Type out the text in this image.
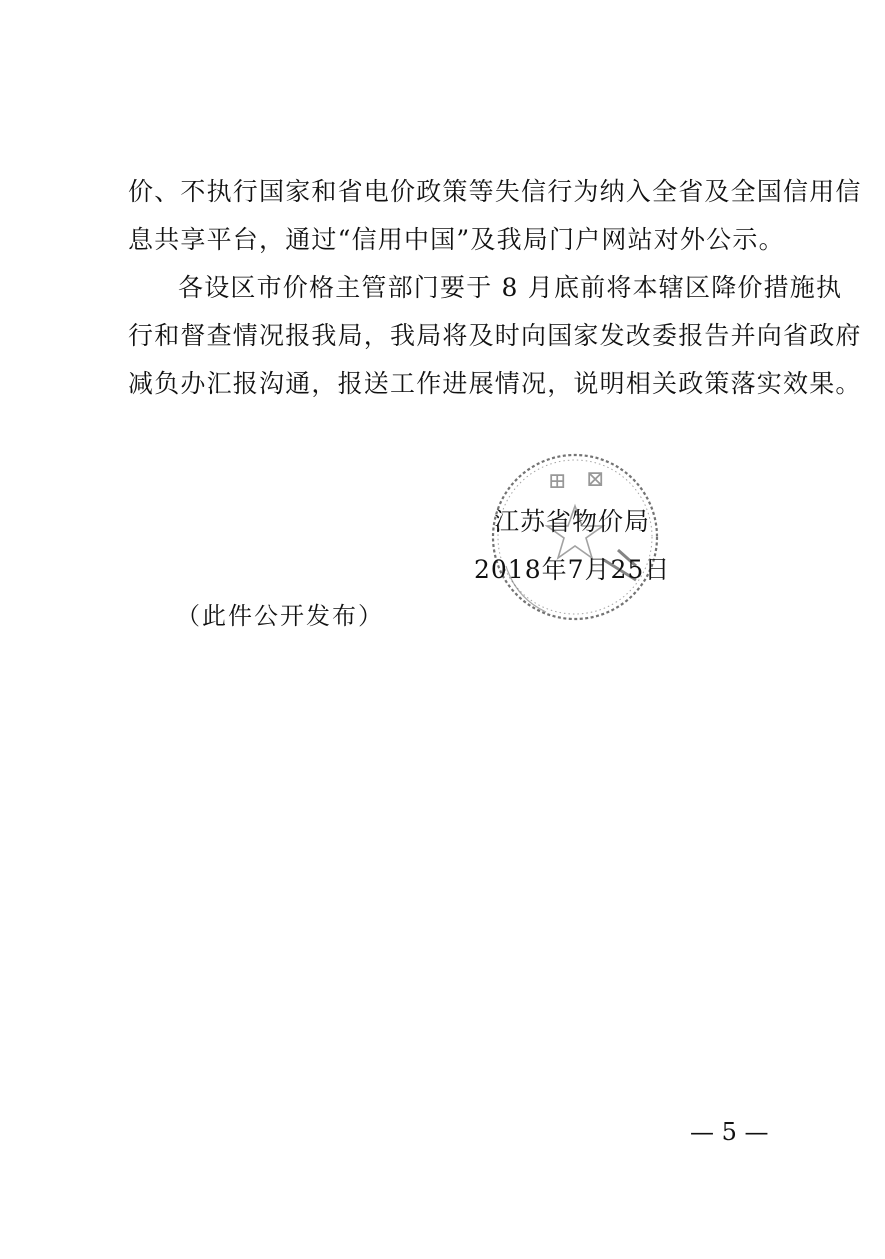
价、不执行国家和省电价政策等失信行为纳入全省及全国信用信
息共享平台，通过“信用中国”及我局门户网站对外公示。
各设区市价格主管部门要于 8 月底前将本辖区降价措施执
行和督查情况报我局，我局将及时向国家发改委报告并向省政府
减负办汇报沟通，报送工作进展情况，说明相关政策落实效果。
⊞ ⊠
江苏省物价局
2018年7月25日
（此件公开发布）
— 5 —
